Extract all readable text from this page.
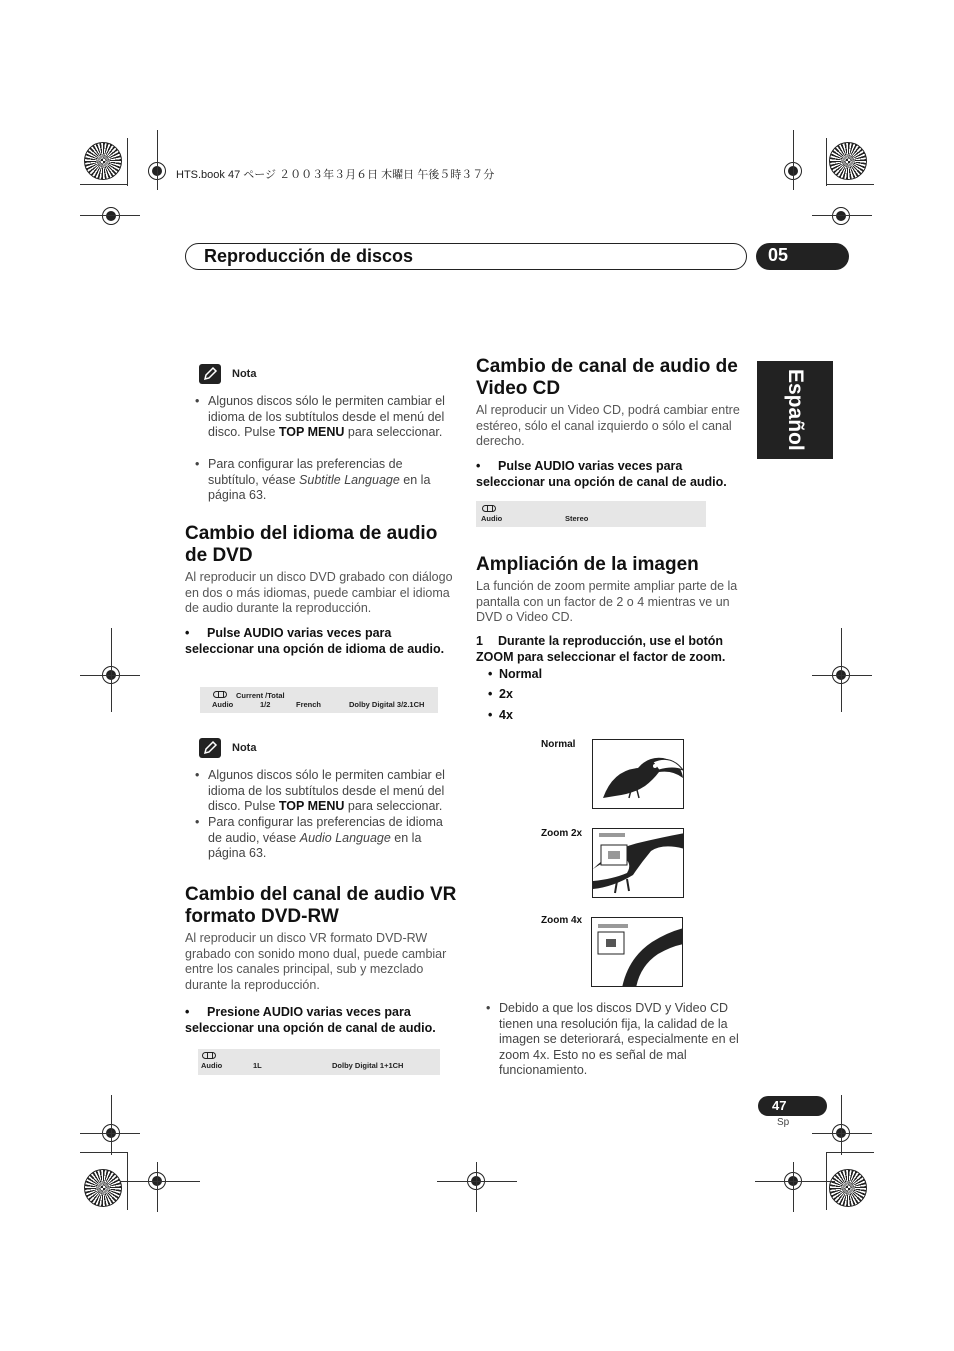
HTS.book 47 ページ ２００３年３月６日 木曜日 午後５時３７分
Reproducción de discos	05
Español
Nota
• Algunos discos sólo le permiten cambiar el idioma de los subtítulos desde el menú del disco. Pulse TOP MENU para seleccionar.
• Para configurar las preferencias de subtítulo, véase Subtitle Language en la página 63.
Cambio del idioma de audio de DVD
Al reproducir un disco DVD grabado con diálogo en dos o más idiomas, puede cambiar el idioma de audio durante la reproducción.
• Pulse AUDIO varias veces para seleccionar una opción de idioma de audio.
Current /Total
Audio	1/2	French	Dolby Digital 3/2.1CH
Nota
• Algunos discos sólo le permiten cambiar el idioma de los subtítulos desde el menú del disco. Pulse TOP MENU para seleccionar.
• Para configurar las preferencias de idioma de audio, véase Audio Language en la página 63.
Cambio del canal de audio VR formato DVD-RW
Al reproducir un disco VR formato DVD-RW grabado con sonido mono dual, puede cambiar entre los canales principal, sub y mezclado durante la reproducción.
• Presione AUDIO varias veces para seleccionar una opción de canal de audio.
Audio	1L	Dolby Digital 1+1CH
Cambio de canal de audio de Video CD
Al reproducir un Video CD, podrá cambiar entre estéreo, sólo el canal izquierdo o sólo el canal derecho.
• Pulse AUDIO varias veces para seleccionar una opción de canal de audio.
Audio	Stereo
Ampliación de la imagen
La función de zoom permite ampliar parte de la pantalla con un factor de 2 o 4 mientras ve un DVD o Video CD.
1 Durante la reproducción, use el botón ZOOM para seleccionar el factor de zoom.
• Normal
• 2x
• 4x
Normal
Zoom 2x
Zoom 4x
• Debido a que los discos DVD y Video CD tienen una resolución fija, la calidad de la imagen se deteriorará, especialmente en el zoom 4x. Esto no es señal de mal funcionamiento.
47
Sp
